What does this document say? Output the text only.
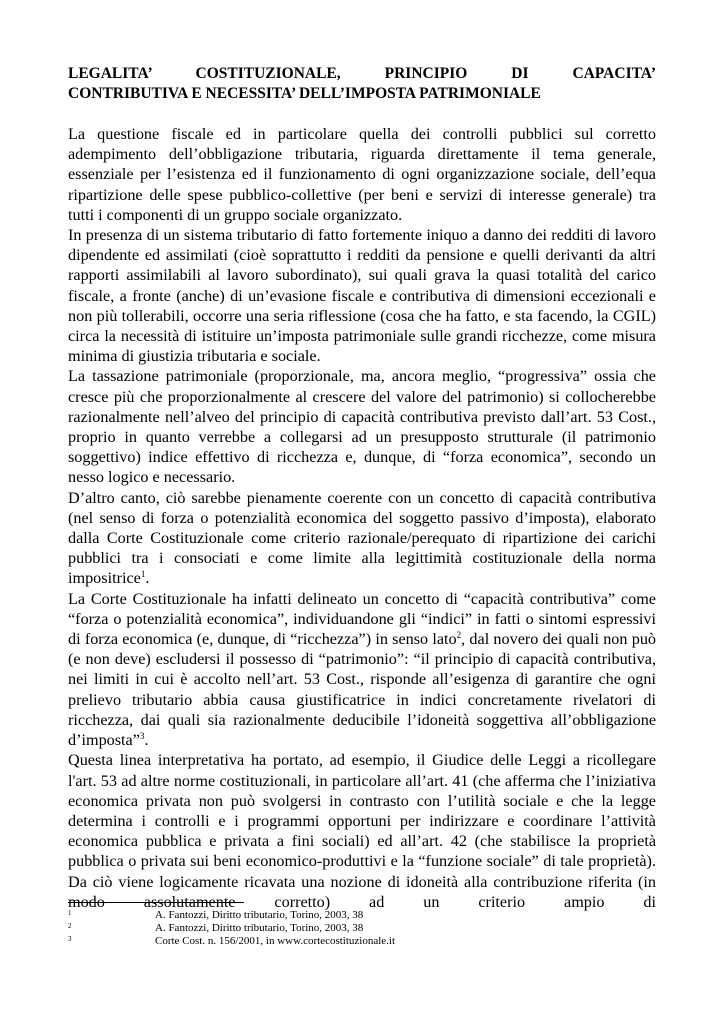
LEGALITA’ COSTITUZIONALE, PRINCIPIO DI CAPACITA’
CONTRIBUTIVA E NECESSITA’ DELL’IMPOSTA PATRIMONIALE

La questione fiscale ed in particolare quella dei controlli pubblici sul corretto adempimento dell’obbligazione tributaria, riguarda direttamente il tema generale, essenziale per l’esistenza ed il funzionamento di ogni organizzazione sociale, dell’equa ripartizione delle spese pubblico-collettive (per beni e servizi di interesse generale) tra tutti i componenti di un gruppo sociale organizzato.

In presenza di un sistema tributario di fatto fortemente iniquo a danno dei redditi di lavoro dipendente ed assimilati (cioè soprattutto i redditi da pensione e quelli derivanti da altri rapporti assimilabili al lavoro subordinato), sui quali grava la quasi totalità del carico fiscale, a fronte (anche) di un’evasione fiscale e contributiva di dimensioni eccezionali e non più tollerabili, occorre una seria riflessione (cosa che ha fatto, e sta facendo, la CGIL) circa la necessità di istituire un’imposta patrimoniale sulle grandi ricchezze, come misura minima di giustizia tributaria e sociale.

La tassazione patrimoniale (proporzionale, ma, ancora meglio, “progressiva” ossia che cresce più che proporzionalmente al crescere del valore del patrimonio) si collocherebbe razionalmente nell’alveo del principio di capacità contributiva previsto dall’art. 53 Cost., proprio in quanto verrebbe a collegarsi ad un presupposto strutturale (il patrimonio soggettivo) indice effettivo di ricchezza e, dunque, di “forza economica”, secondo un nesso logico e necessario.

D’altro canto, ciò sarebbe pienamente coerente con un concetto di capacità contributiva (nel senso di forza o potenzialità economica del soggetto passivo d’imposta), elaborato dalla Corte Costituzionale come criterio razionale/perequato di ripartizione dei carichi pubblici tra i consociati e come limite alla legittimità costituzionale della norma impositrice$^1$.

La Corte Costituzionale ha infatti delineato un concetto di “capacità contributiva” come “forza o potenzialità economica”, individuandone gli “indici” in fatti o sintomi espressivi di forza economica (e, dunque, di “ricchezza”) in senso lato$^2$, dal novero dei quali non può (e non deve) escludersi il possesso di “patrimonio”: “il principio di capacità contributiva, nei limiti in cui è accolto nell’art. 53 Cost., risponde all’esigenza di garantire che ogni prelievo tributario abbia causa giustificatrice in indici concretamente rivelatori di ricchezza, dai quali sia razionalmente deducibile l’idoneità soggettiva all’obbligazione d’imposta”$^3$.

Questa linea interpretativa ha portato, ad esempio, il Giudice delle Leggi a ricollegare l'art. 53 ad altre norme costituzionali, in particolare all’art. 41 (che afferma che l’iniziativa economica privata non può svolgersi in contrasto con l’utilità sociale e che la legge determina i controlli e i programmi opportuni per indirizzare e coordinare l’attività economica pubblica e privata a fini sociali) ed all’art. 42 (che stabilisce la proprietà pubblica o privata sui beni economico-produttivi e la “funzione sociale” di tale proprietà). Da ciò viene logicamente ricavata una nozione di idoneità alla contribuzione riferita (in modo assolutamente corretto) ad un criterio ampio di

1	A. Fantozzi, Diritto tributario, Torino, 2003, 38
2	A. Fantozzi, Diritto tributario, Torino, 2003, 38
3	Corte Cost. n. 156/2001, in www.cortecostituzionale.it
